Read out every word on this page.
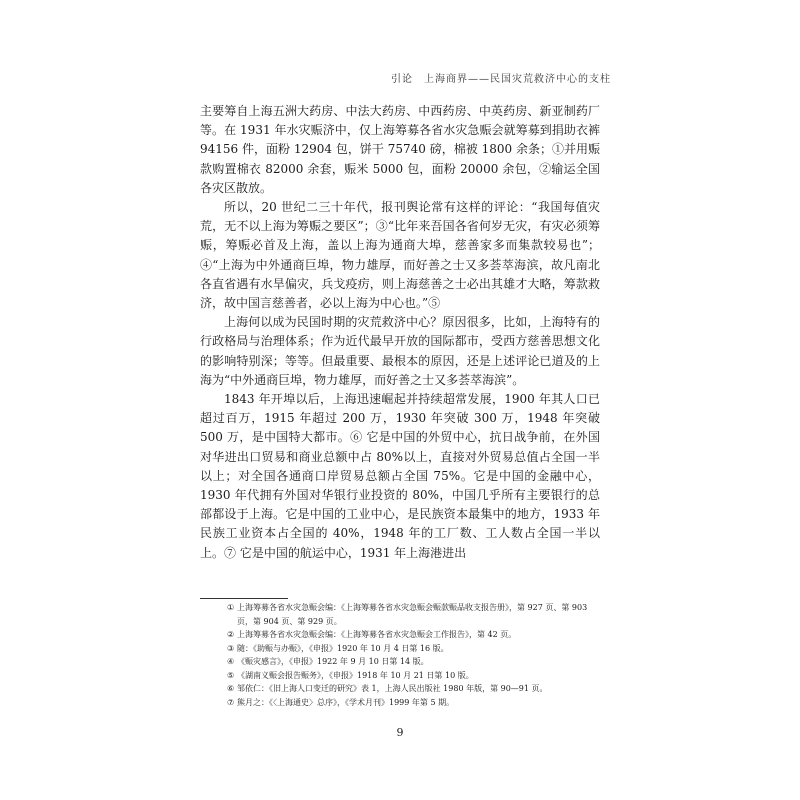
引论　上海商界——民国灾荒救济中心的支柱

主要筹自上海五洲大药房、中法大药房、中西药房、中英药房、新亚制药厂等。在 1931 年水灾赈济中，仅上海筹募各省水灾急赈会就筹募到捐助衣裤 94156 件，面粉 12904 包，饼干 75740 磅，棉被 1800 余条；①并用赈款购置棉衣 82000 余套，赈米 5000 包，面粉 20000 余包，②输运全国各灾区散放。

所以，20 世纪二三十年代，报刊舆论常有这样的评论：“我国每值灾荒，无不以上海为筹赈之要区”；③“比年来吾国各省何岁无灾，有灾必须筹赈，筹赈必首及上海，盖以上海为通商大埠，慈善家多而集款较易也”；④“上海为中外通商巨埠，物力雄厚，而好善之士又多荟萃海滨，故凡南北各直省遇有水旱偏灾，兵戈疫疠，则上海慈善之士必出其雄才大略，筹款救济，故中国言慈善者，必以上海为中心也。”⑤

上海何以成为民国时期的灾荒救济中心？原因很多，比如，上海特有的行政格局与治理体系；作为近代最早开放的国际都市，受西方慈善思想文化的影响特别深；等等。但最重要、最根本的原因，还是上述评论已道及的上海为“中外通商巨埠，物力雄厚，而好善之士又多荟萃海滨”。

1843 年开埠以后，上海迅速崛起并持续超常发展，1900 年其人口已超过百万，1915 年超过 200 万，1930 年突破 300 万，1948 年突破 500 万，是中国特大都市。⑥ 它是中国的外贸中心，抗日战争前，在外国对华进出口贸易和商业总额中占 80%以上，直接对外贸易总值占全国一半以上；对全国各通商口岸贸易总额占全国 75%。它是中国的金融中心，1930 年代拥有外国对华银行业投资的 80%，中国几乎所有主要银行的总部都设于上海。它是中国的工业中心，是民族资本最集中的地方，1933 年民族工业资本占全国的 40%，1948 年的工厂数、工人数占全国一半以上。⑦ 它是中国的航运中心，1931 年上海港进出

① 上海筹募各省水灾急赈会编：《上海筹募各省水灾急赈会赈款赈品收支报告册》，第 927 页、第 903 页，第 904 页、第 929 页。
② 上海筹募各省水灾急赈会编：《上海筹募各省水灾急赈会工作报告》，第 42 页。
③ 随：《助赈与办赈》，《申报》1920 年 10 月 4 日第 16 版。
④ 《赈灾感言》，《申报》1922 年 9 月 10 日第 14 版。
⑤ 《湖南义赈会报告赈务》，《申报》1918 年 10 月 21 日第 10 版。
⑥ 邹依仁：《旧上海人口变迁的研究》表 1，上海人民出版社 1980 年版，第 90—91 页。
⑦ 熊月之：《〈上海通史〉总序》，《学术月刊》1999 年第 5 期。
9
